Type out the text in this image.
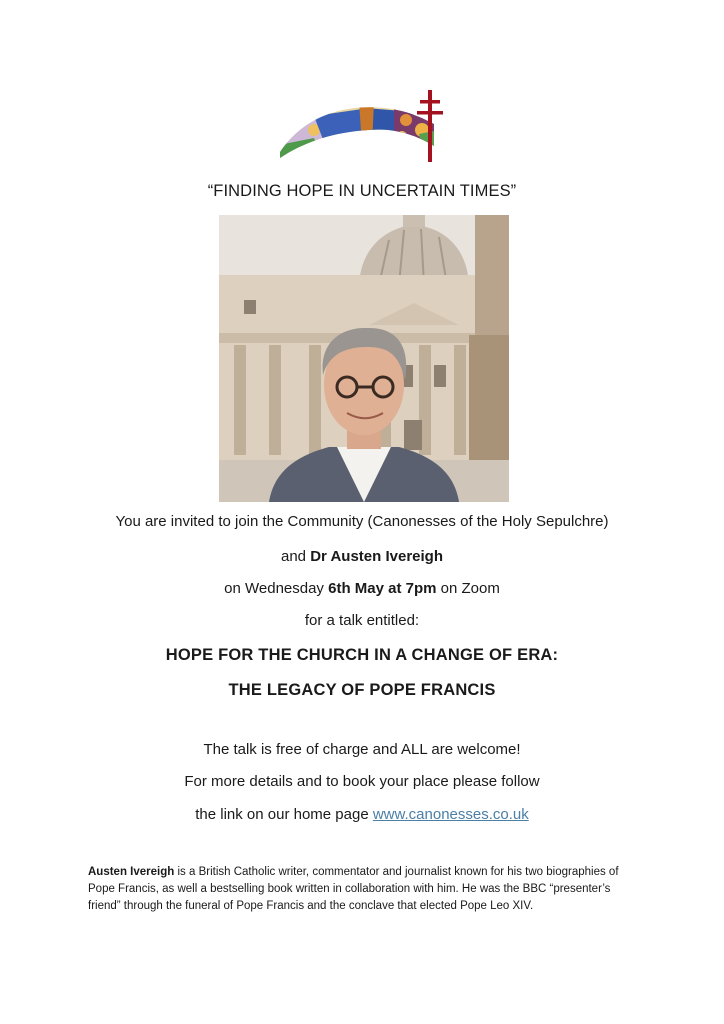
“FINDING HOPE IN UNCERTAIN TIMES”
You are invited to join the Community (Canonesses of the Holy Sepulchre)
and Dr Austen Ivereigh
on Wednesday 6th May at 7pm on Zoom
for a talk entitled:
HOPE FOR THE CHURCH IN A CHANGE OF ERA:
THE LEGACY OF POPE FRANCIS
The talk is free of charge and ALL are welcome!
For more details and to book your place please follow
the link on our home page www.canonesses.co.uk
Austen Ivereigh is a British Catholic writer, commentator and journalist known for his two biographies of Pope Francis, as well a bestselling book written in collaboration with him. He was the BBC “presenter’s friend” through the funeral of Pope Francis and the conclave that elected Pope Leo XIV.
